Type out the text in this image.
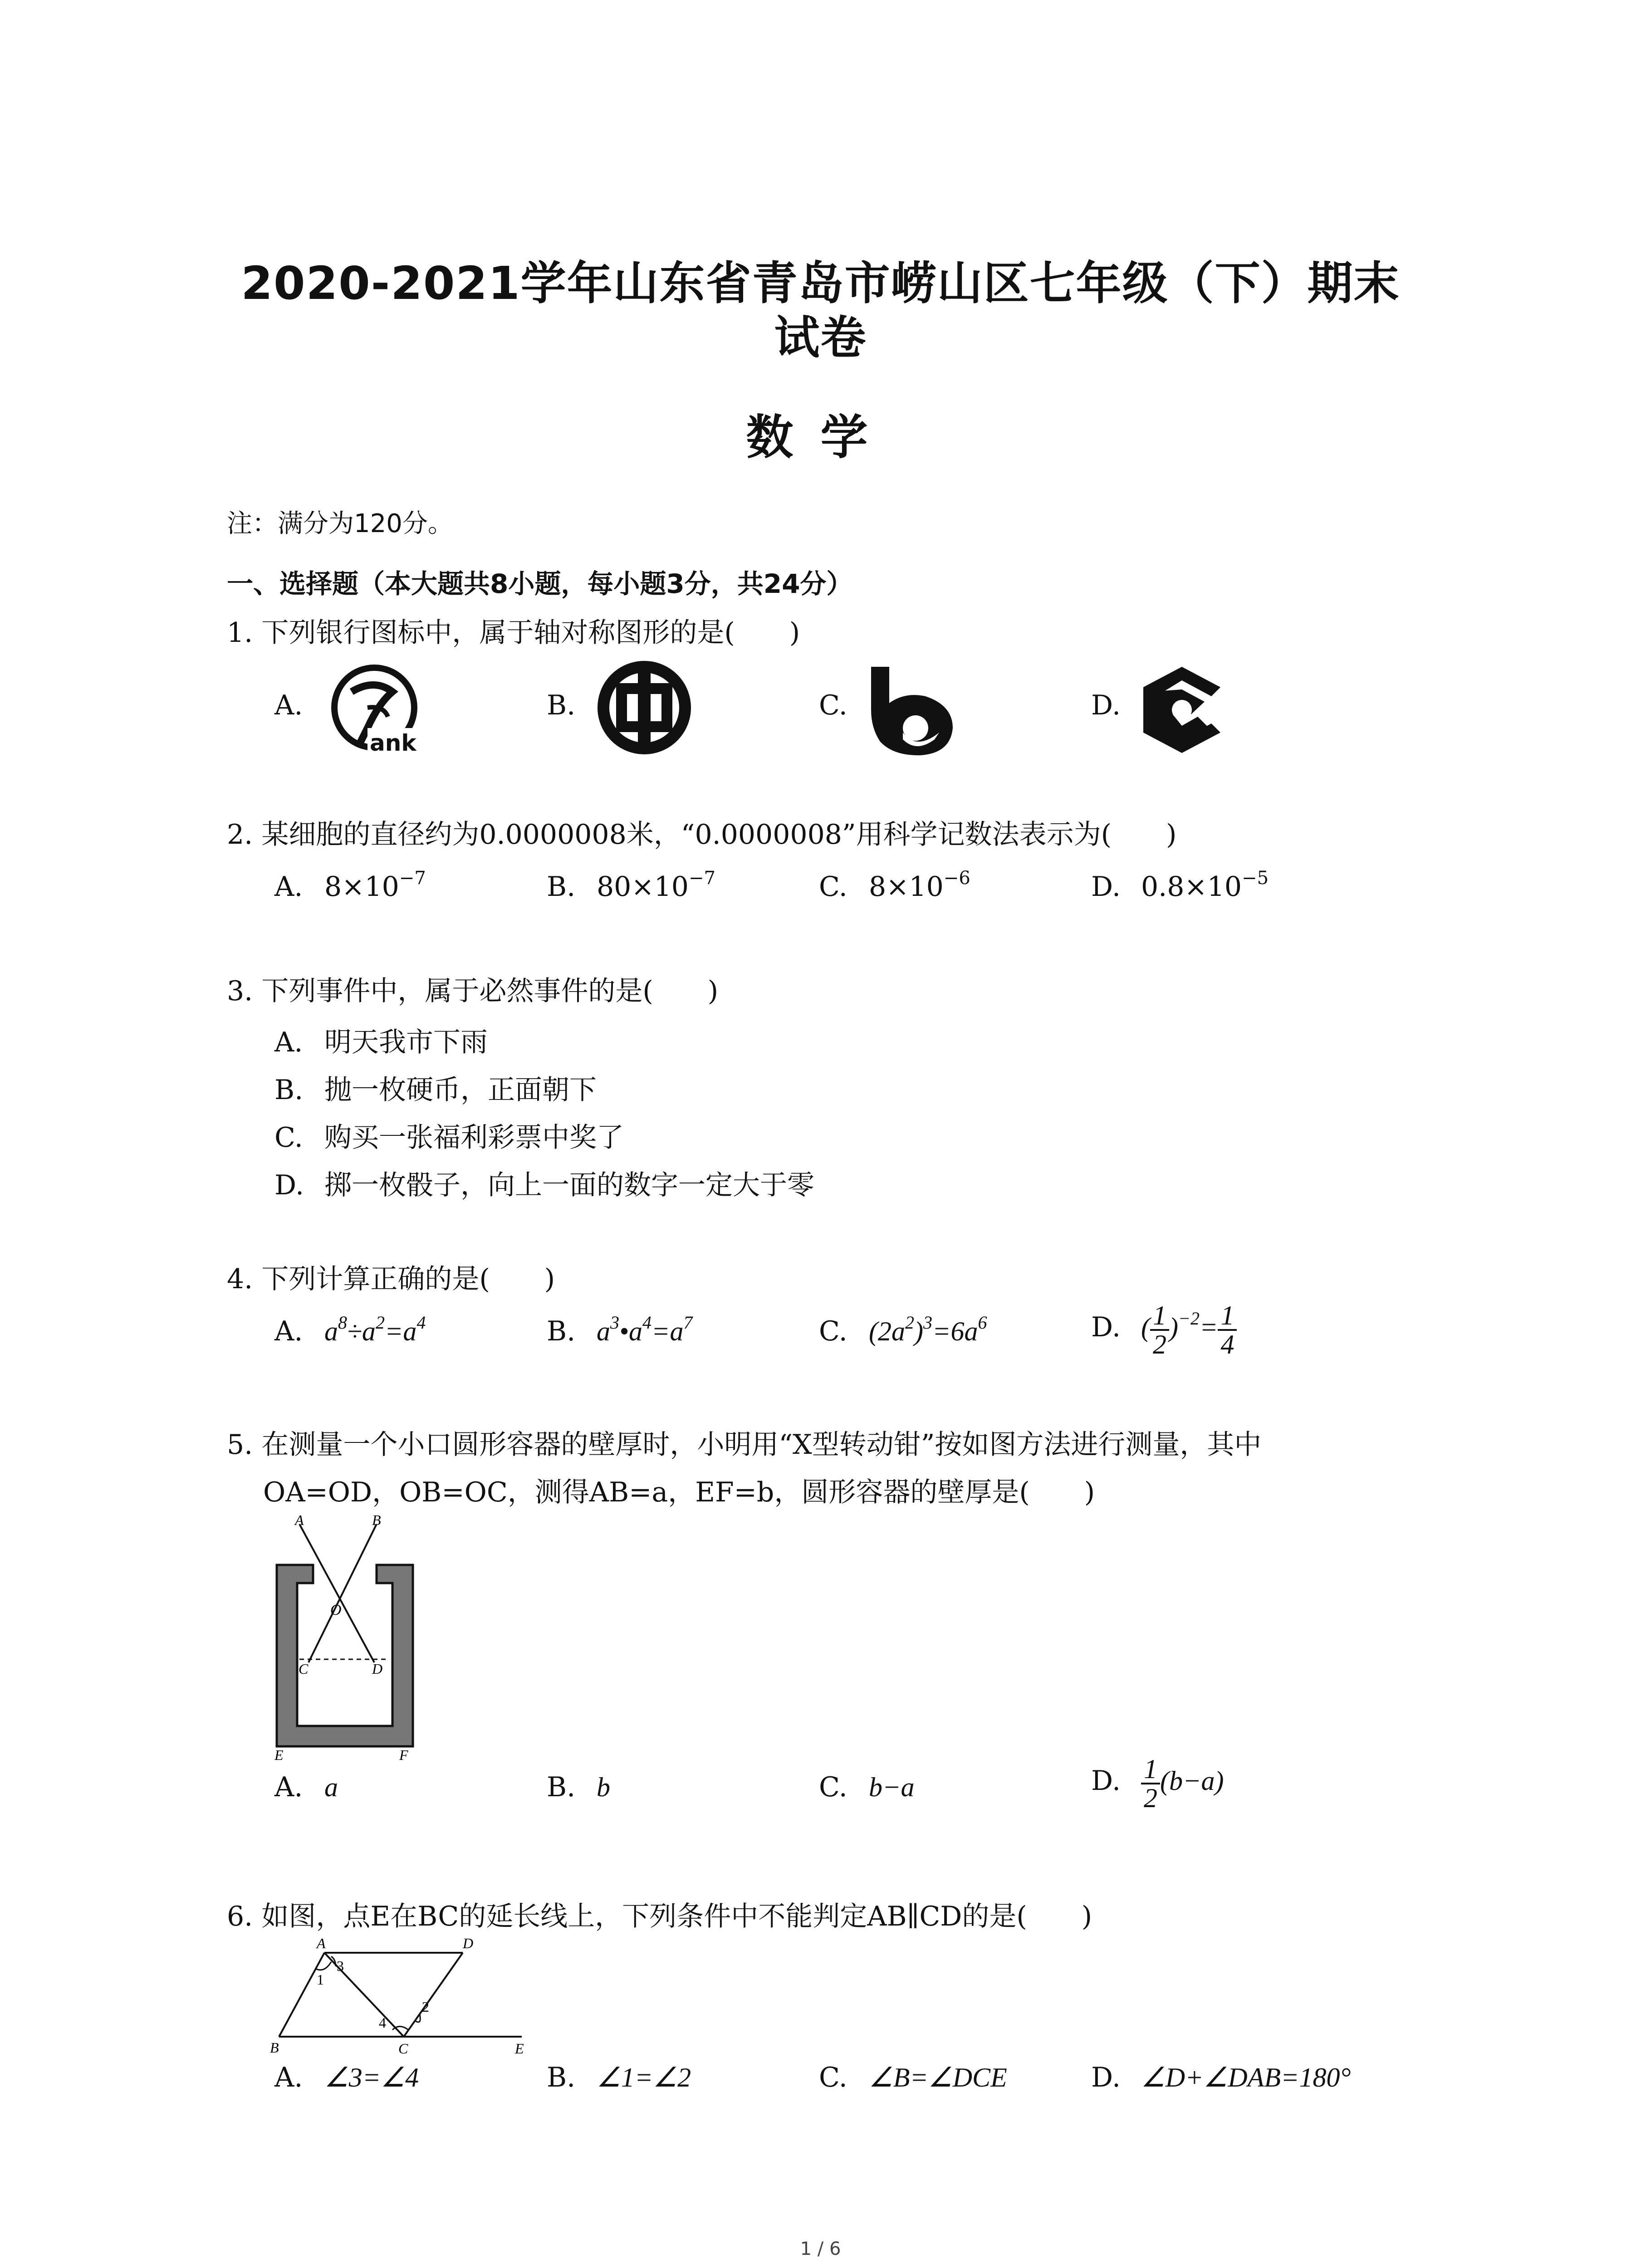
2020-2021学年山东省青岛市崂山区七年级（下）期末
试卷
数学
注：满分为120分。
一、选择题（本大题共8小题，每小题3分，共24分）
1. 下列银行图标中，属于轴对称图形的是(　　)
A.	B.	C.	D.
ank
2. 某细胞的直径约为0.0000008米，“0.0000008”用科学记数法表示为(　　)
A. $8\times 10^{-7}$	B. $80\times 10^{-7}$	C. $8\times 10^{-6}$	D. $0.8\times 10^{-5}$
3. 下列事件中，属于必然事件的是(　　)
A. 明天我市下雨
B. 抛一枚硬币，正面朝下
C. 购买一张福利彩票中奖了
D. 掷一枚骰子，向上一面的数字一定大于零
4. 下列计算正确的是(　　)
A. $a^8\div a^2=a^4$	B. $a^3•a^4=a^7$	C. $(2a^2)^3=6a^6$	D. ( $\frac{1}{2} )^{-2}= \frac{1}{4}$
5. 在测量一个小口圆形容器的壁厚时，小明用“X型转动钳”按如图方法进行测量，其中
OA=OD，OB=OC，测得AB=a，EF=b，圆形容器的壁厚是(　　)
A	B
O
C	D
E	F
A. a	B. b	C. b−a	D. $\frac{1}{2} (b-a)$
6. 如图，点E在BC的延长线上，下列条件中不能判定AB∥CD的是(　　)
A	D
3
1
2
4
B	C	E
A. ∠3=∠4	B. ∠1=∠2	C. ∠B=∠DCE	D. ∠D+∠DAB=180°
1 / 6
